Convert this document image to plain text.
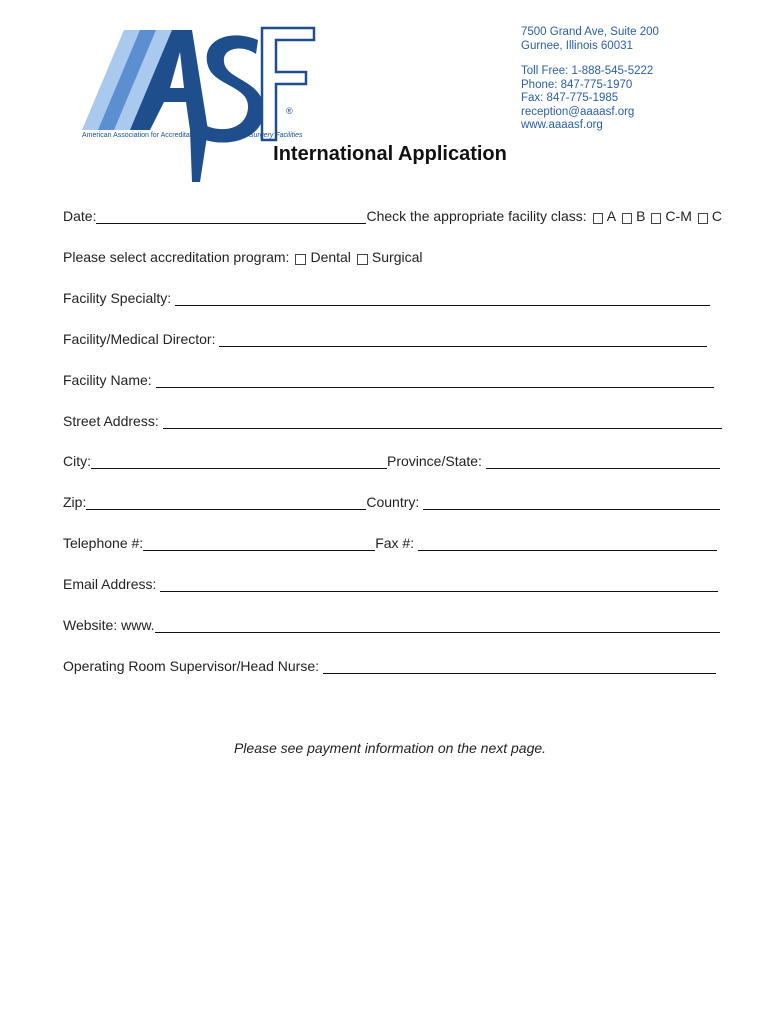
American Association for Accreditation of Ambulatory Surgery Facilities
®
7500 Grand Ave, Suite 200
Gurnee, Illinois 60031
Toll Free: 1-888-545-5222
Phone: 847-775-1970
Fax: 847-775-1985
reception@aaaasf.org
www.aaaasf.org
International Application
Date:	Check the appropriate facility class: A B C-M C
Please select accreditation program: Dental Surgical
Facility Specialty:
Facility/Medical Director:
Facility Name:
Street Address:
City:	Province/State:
Zip:	Country:
Telephone #:	Fax #:
Email Address:
Website: www.
Operating Room Supervisor/Head Nurse:
Please see payment information on the next page.
